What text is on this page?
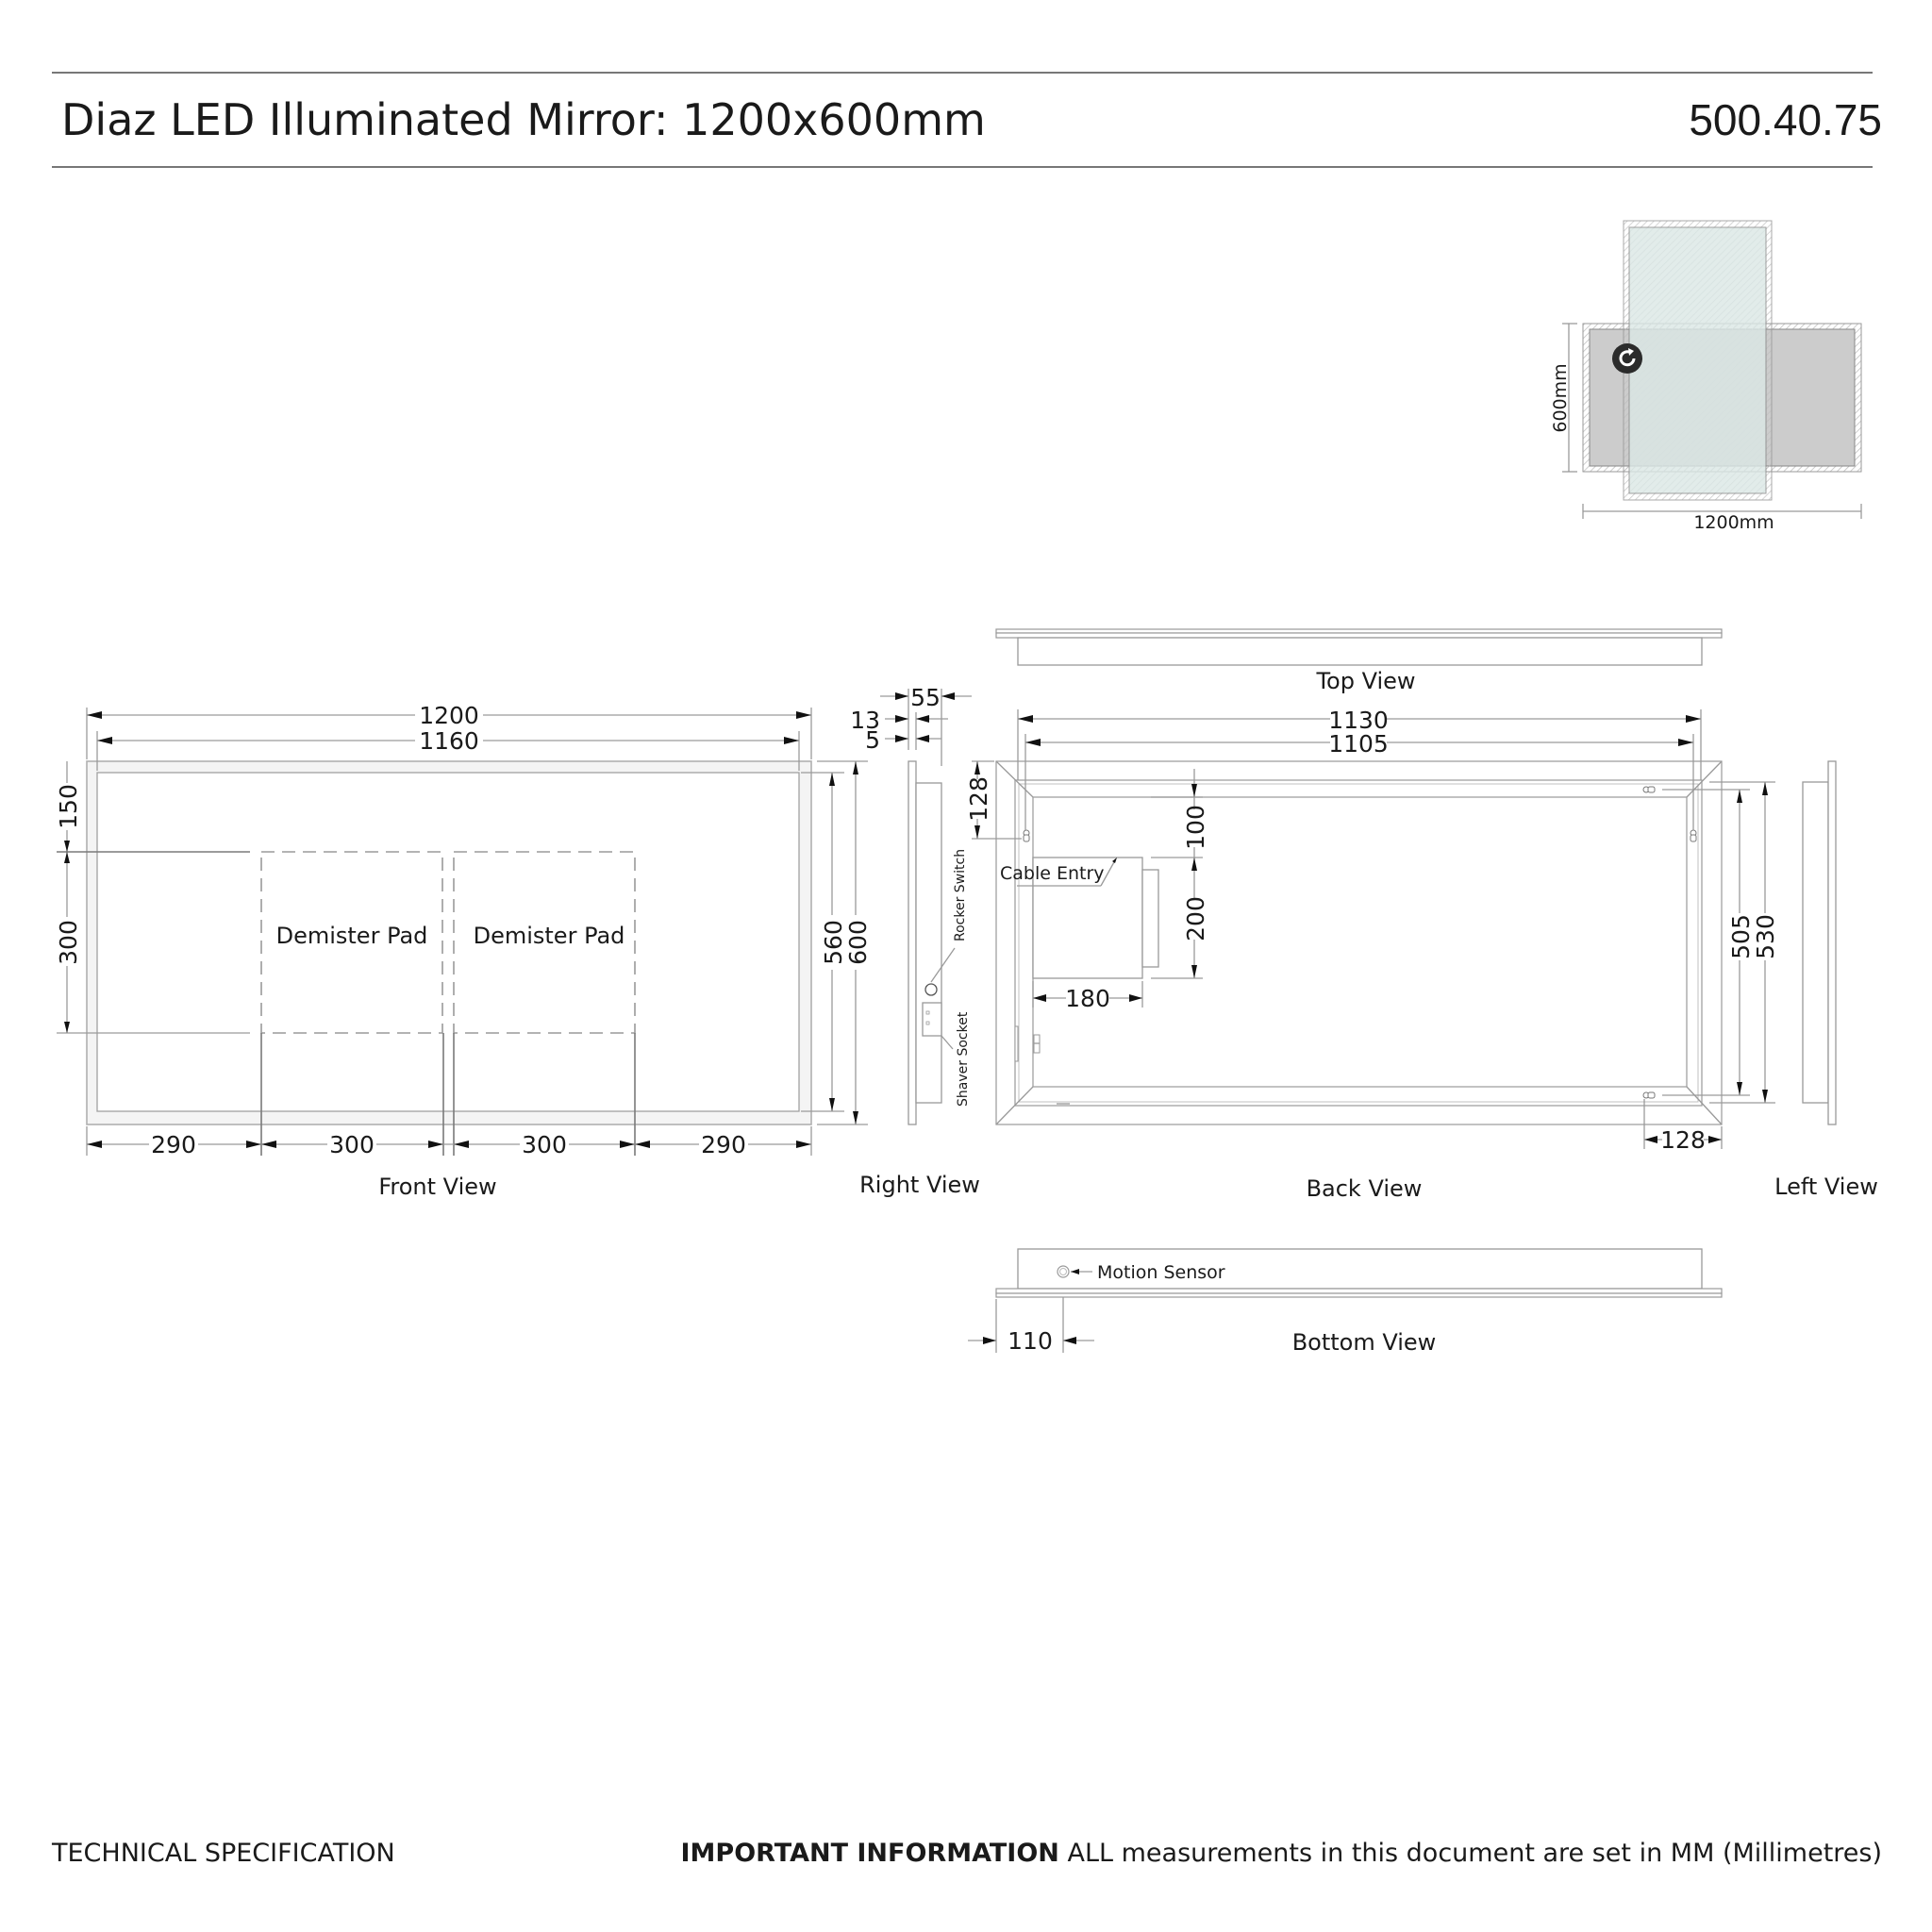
Diaz LED Illuminated Mirror: 1200x600mm	500.40.75
600mm
1200mm
Demister Pad Demister Pad
1200
1160
150
300	560
600
290	300	300	290
Front View
Rocker Switch
Shaver Socket
55
13
5
Right View
Top View
Cable Entry
1130
1105
128
100
200
180
505
530
128
Back View	Left View
Motion Sensor
110	Bottom View
TECHNICAL SPECIFICATION	IMPORTANT INFORMATION ALL measurements in this document are set in MM (Millimetres)
